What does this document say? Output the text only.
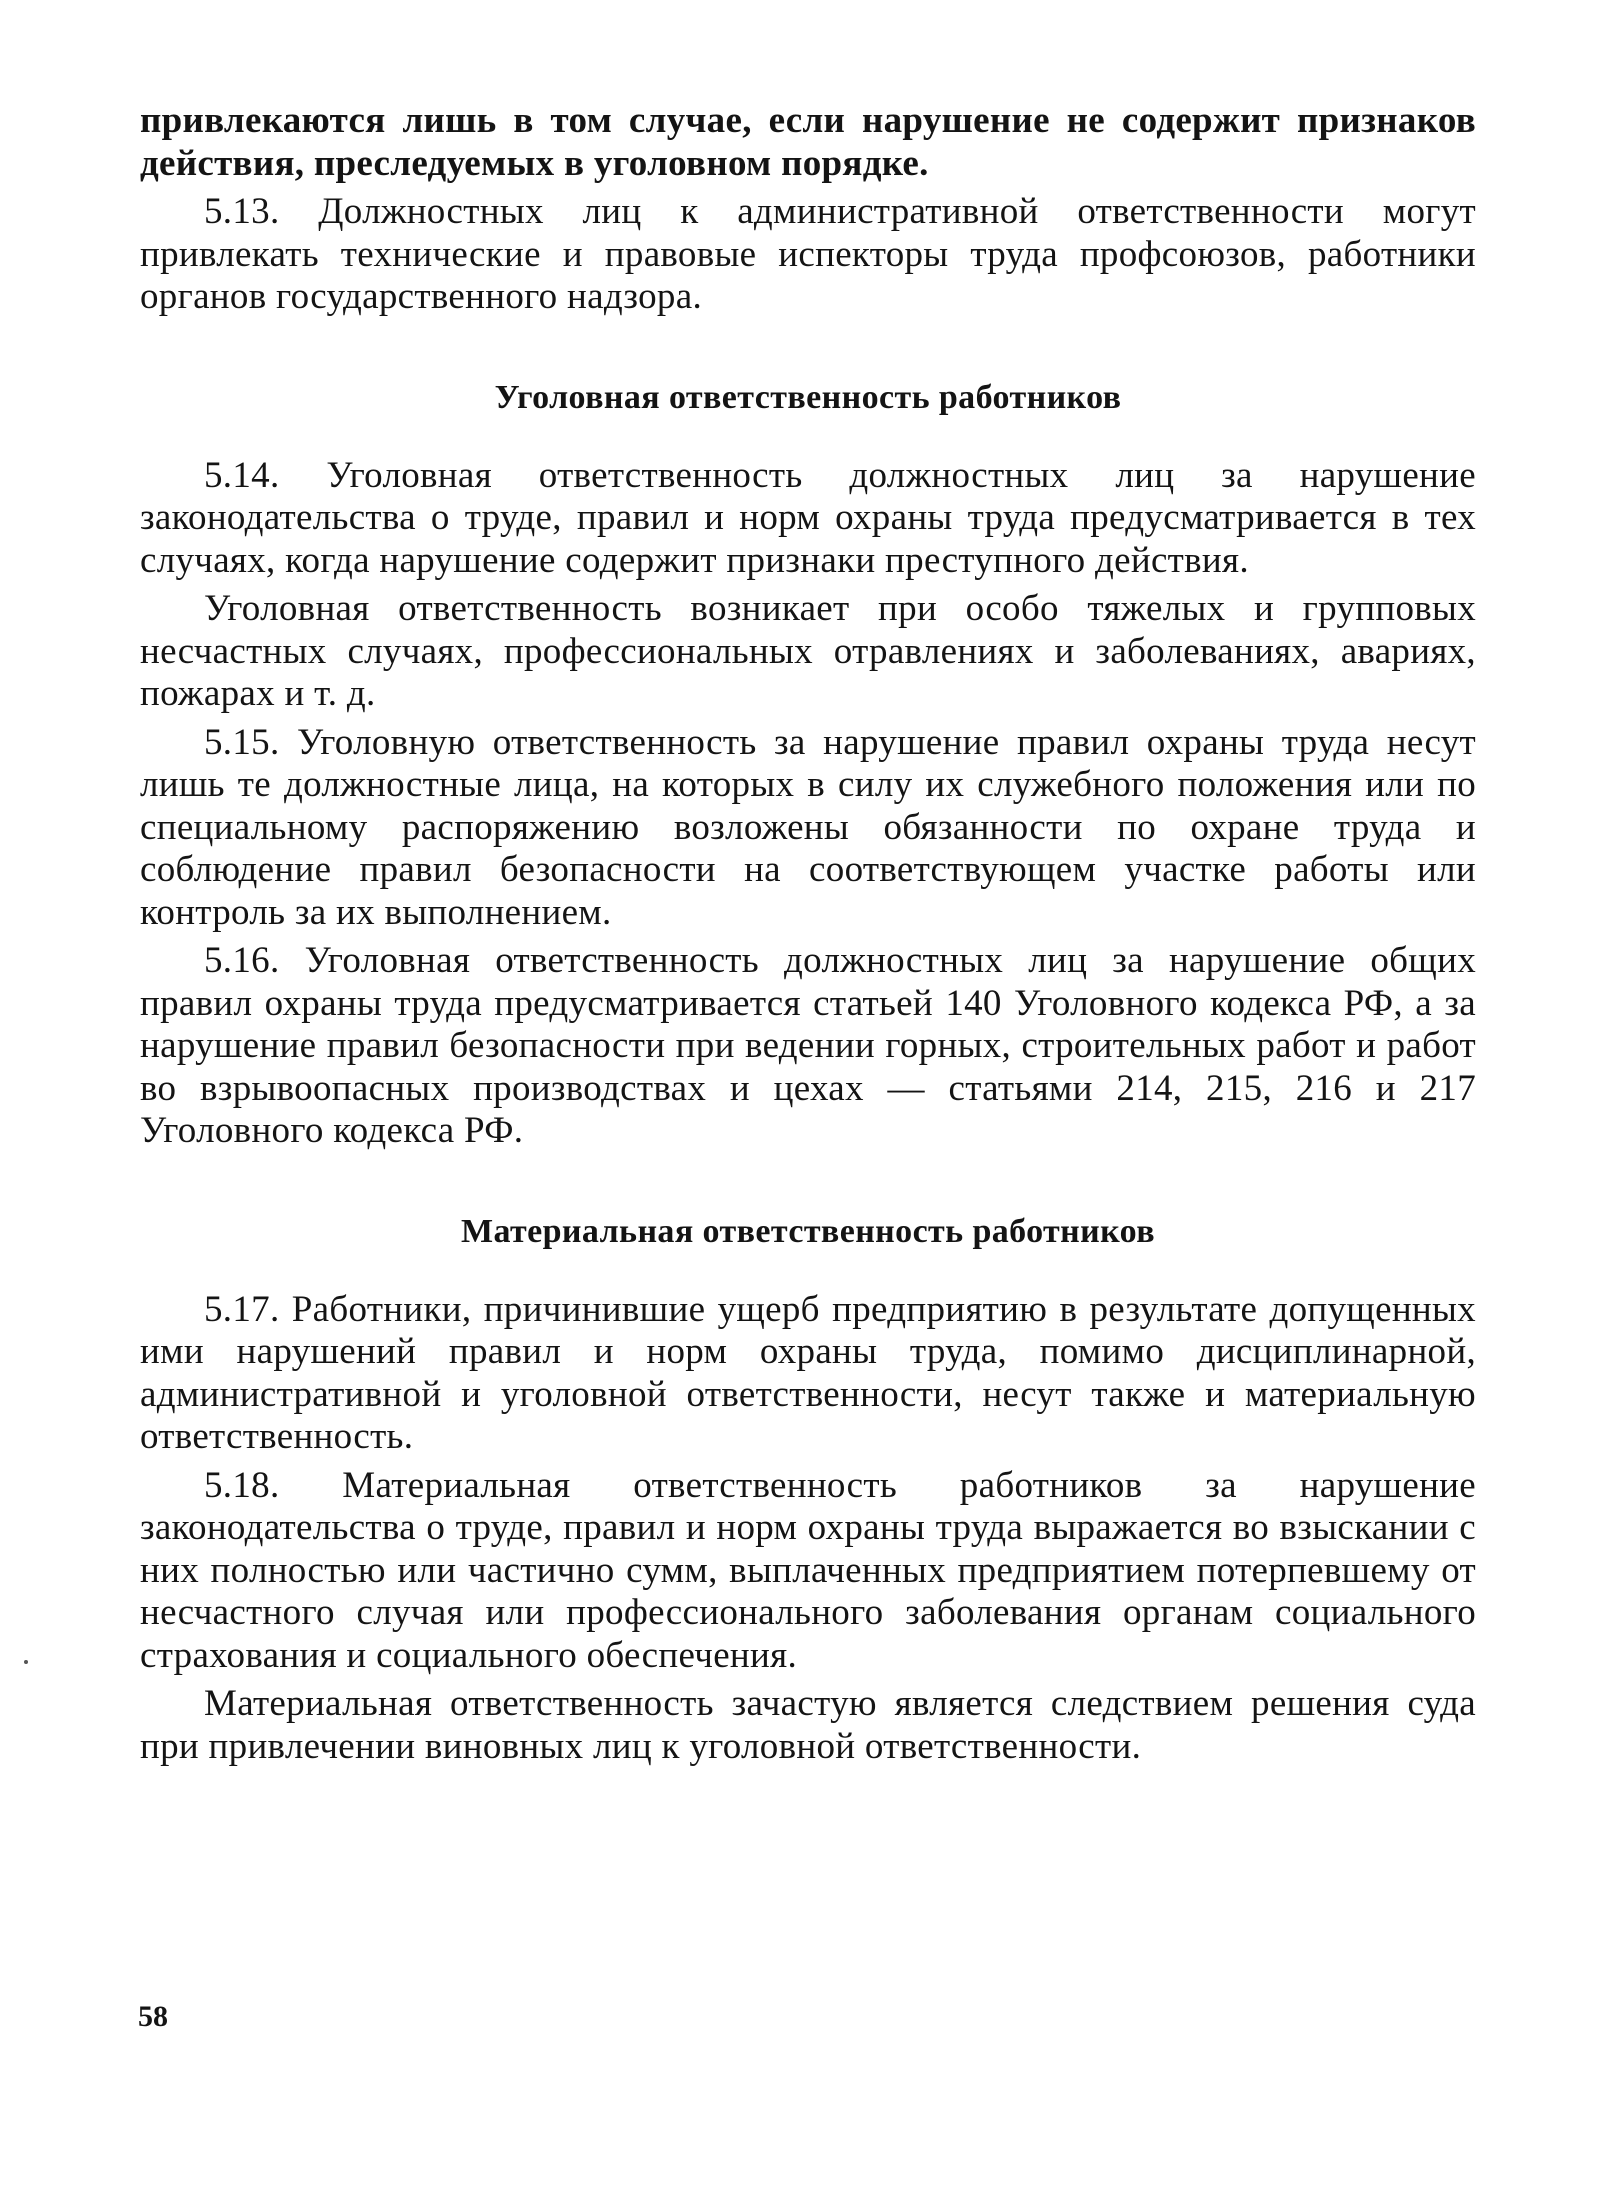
привлекаются лишь в том случае, если нарушение не содержит признаков действия, преследуемых в уголовном порядке.

5.13. Должностных лиц к административной ответственности могут привлекать технические и правовые испекторы труда профсоюзов, работники органов государственного надзора.

Уголовная ответственность работников

5.14. Уголовная ответственность должностных лиц за нарушение законодательства о труде, правил и норм охраны труда предусматривается в тех случаях, когда нарушение содержит признаки преступного действия.

Уголовная ответственность возникает при особо тяжелых и групповых несчастных случаях, профессиональных отравлениях и заболеваниях, авариях, пожарах и т. д.

5.15. Уголовную ответственность за нарушение правил охраны труда несут лишь те должностные лица, на которых в силу их служебного положения или по специальному распоряжению возложены обязанности по охране труда и соблюдение правил безопасности на соответствующем участке работы или контроль за их выполнением.

5.16. Уголовная ответственность должностных лиц за нарушение общих правил охраны труда предусматривается статьей 140 Уголовного кодекса РФ, а за нарушение правил безопасности при ведении горных, строительных работ и работ во взрывоопасных производствах и цехах — статьями 214, 215, 216 и 217 Уголовного кодекса РФ.

Материальная ответственность работников

5.17. Работники, причинившие ущерб предприятию в результате допущенных ими нарушений правил и норм охраны труда, помимо дисциплинарной, административной и уголовной ответственности, несут также и материальную ответственность.

5.18. Материальная ответственность работников за нарушение законодательства о труде, правил и норм охраны труда выражается во взыскании с них полностью или частично сумм, выплаченных предприятием потерпевшему от несчастного случая или профессионального заболевания органам социального страхования и социального обеспечения.

Материальная ответственность зачастую является следствием решения суда при привлечении виновных лиц к уголовной ответственности.

58
